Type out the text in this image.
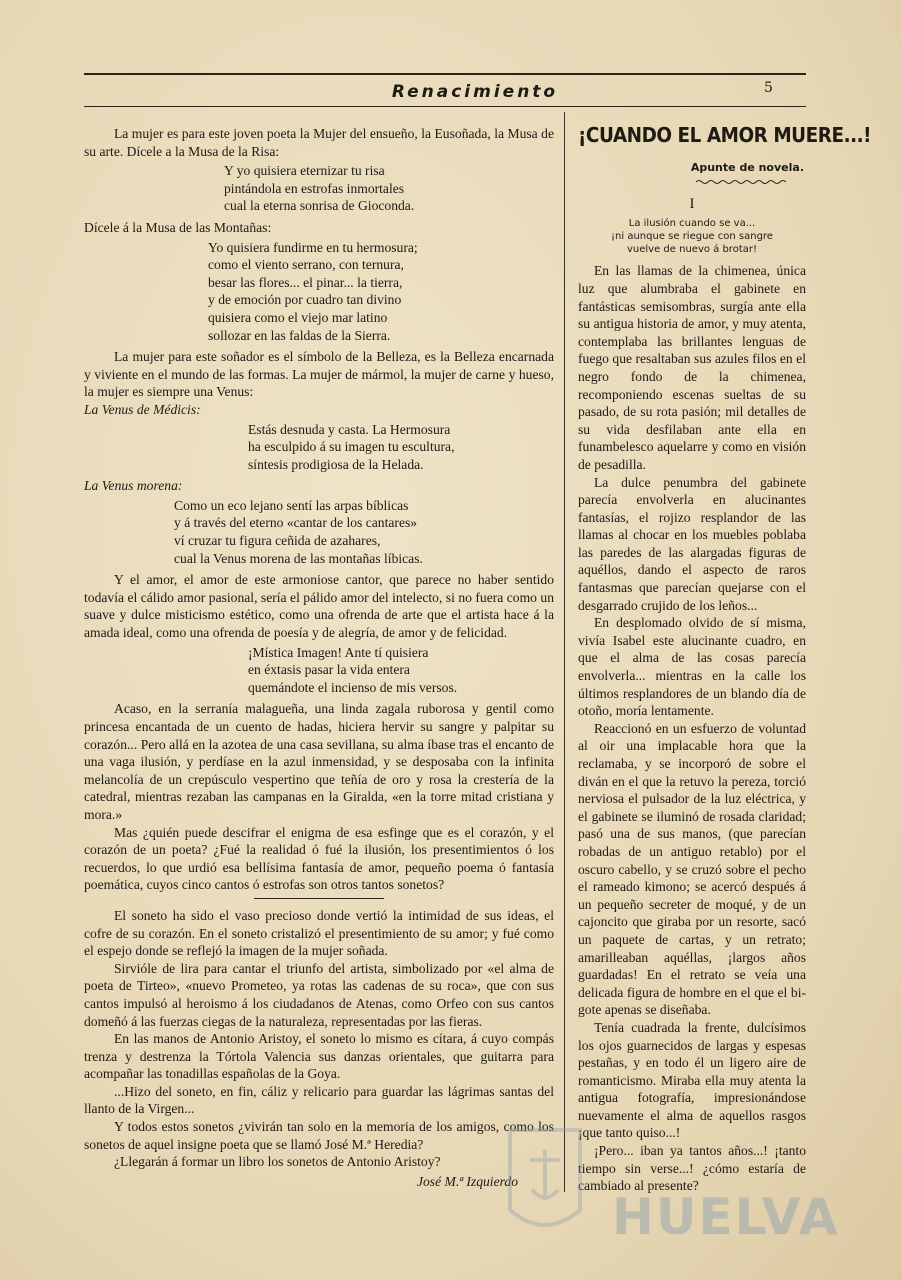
Renacimiento	5

La mujer es para este joven poeta la Mujer del ensueño, la Eusoñada, la Musa de su arte. Dícele a la Musa de la Risa:

Y yo quisiera eternizar tu risa
pintándola en estrofas inmortales
cual la eterna sonrisa de Gioconda.

Dícele á la Musa de las Montañas:

Yo quisiera fundirme en tu hermosura;
como el viento serrano, con ternura,
besar las flores... el pinar... la tierra,
y de emoción por cuadro tan divino
quisiera como el viejo mar latino
sollozar en las faldas de la Sierra.

La mujer para este soñador es el símbolo de la Belleza, es la Belleza encarnada y viviente en el mundo de las formas. La mujer de mármol, la mujer de carne y hueso, la mujer es siempre una Venus:

La Venus de Médicis:

Estás desnuda y casta. La Hermosura
ha esculpido á su imagen tu escultura,
síntesis prodigiosa de la Helada.

La Venus morena:

Como un eco lejano sentí las arpas bíblicas
y á través del eterno «cantar de los cantares»
ví cruzar tu figura ceñida de azahares,
cual la Venus morena de las montañas líbicas.

Y el amor, el amor de este armoniose cantor, que parece no haber sentido todavía el cálido amor pasional, sería el pálido amor del intelecto, si no fuera como un suave y dulce misticismo estético, como una ofrenda de arte que el artista hace á la amada ideal, como una ofrenda de poesía y de alegría, de amor y de felicidad.

¡Mística Imagen! Ante tí quisiera
en éxtasis pasar la vida entera
quemándote el incienso de mis versos.

Acaso, en la serranía malagueña, una linda zagala ruborosa y gentil como princesa encantada de un cuento de hadas, hiciera hervir su sangre y palpitar su corazón... Pero allá en la azotea de una casa sevillana, su alma íbase tras el encanto de una vaga ilusión, y perdíase en la azul inmensidad, y se desposaba con la infinita melancolía de un crepúsculo vespertino que teñía de oro y rosa la crestería de la catedral, mientras rezaban las campanas en la Giralda, «en la torre mitad cristiana y mora.»

Mas ¿quién puede descifrar el enigma de esa esfinge que es el corazón, y el corazón de un poeta? ¿Fué la realidad ó fué la ilusión, los presentimientos ó los recuerdos, lo que urdió esa bellísima fantasía de amor, pequeño poema ó fantasía poemática, cuyos cinco cantos ó estrofas son otros tantos sonetos?

El soneto ha sido el vaso precioso donde vertió la intimidad de sus ideas, el cofre de su corazón. En el soneto cristalizó el presentimiento de su amor; y fué como el espejo donde se reflejó la imagen de la mujer soñada.

Sirvióle de lira para cantar el triunfo del artista, simbolizado por «el alma de poeta de Tirteo», «nuevo Prometeo, ya rotas las cadenas de su roca», que con sus cantos impulsó al heroismo á los ciudadanos de Atenas, como Orfeo con sus cantos domeñó á las fuerzas ciegas de la naturaleza, representadas por las fieras.

En las manos de Antonio Aristoy, el soneto lo mismo es cítara, á cuyo compás trenza y destrenza la Tórtola Valencia sus danzas orientales, que guitarra para acompañar las tonadillas españolas de la Goya.

...Hizo del soneto, en fin, cáliz y relicario para guardar las lágrimas santas del llanto de la Virgen...

Y todos estos sonetos ¿vivirán tan solo en la memoria de los amigos, como los sonetos de aquel insigne poeta que se llamó José M.ª Heredia?

¿Llegarán á formar un libro los sonetos de Antonio Aristoy?

José M.ª Izquierdo
¡CUANDO EL AMOR MUERE...!
Apunte de novela.
I
La ilusión cuando se va...
¡ni aunque se riegue con sangre
vuelve de nuevo á brotar!

En las llamas de la chimenea, única luz que alumbraba el gabinete en fantásticas semisombras, surgía ante ella su antigua historia de amor, y muy atenta, contemplaba las brillantes lenguas de fuego que resaltaban sus azules filos en el negro fondo de la chimenea, recomponiendo escenas sueltas de su pasado, de su rota pasión; mil detalles de su vida desfilaban ante ella en funambelesco aquelarre y como en visión de pesadilla.

La dulce penumbra del gabinete parecía envolverla en alucinantes fantasías, el rojizo resplandor de las llamas al chocar en los muebles poblaba las paredes de las alargadas figuras de aquéllos, dando el aspecto de raros fantasmas que parecían quejarse con el desgarrado crujido de los leños...

En desplomado olvido de sí misma, vivía Isabel este alucinante cuadro, en que el alma de las cosas parecía envolverla... mientras en la calle los últimos resplandores de un blando día de otoño, moría lentamente.

Reaccionó en un esfuerzo de voluntad al oir una implacable hora que la reclamaba, y se incorporó de sobre el diván en el que la retuvo la pereza, torció nerviosa el pulsador de la luz eléctrica, y el gabinete se iluminó de rosada claridad; pasó una de sus manos, (que parecían robadas de un antiguo retablo) por el oscuro cabello, y se cruzó sobre el pecho el rameado kimono; se acercó después á un pequeño secreter de moqué, y de un cajoncito que giraba por un resorte, sacó un paquete de cartas, y un retrato; amarilleaban aquéllas, ¡largos años guardadas! En el retrato se veía una delicada figura de hombre en el que el bigote apenas se diseñaba.

Tenía cuadrada la frente, dulcísimos los ojos guarnecidos de largas y espesas pestañas, y en todo él un ligero aire de romanticismo. Miraba ella muy atenta la antigua fotografía, impresionándose nuevamente el alma de aquellos rasgos ¡que tanto quiso...!

¡Pero... iban ya tantos años...! ¡tanto tiempo sin verse...! ¿cómo estaría de cambiado al presente?

HUELVA
